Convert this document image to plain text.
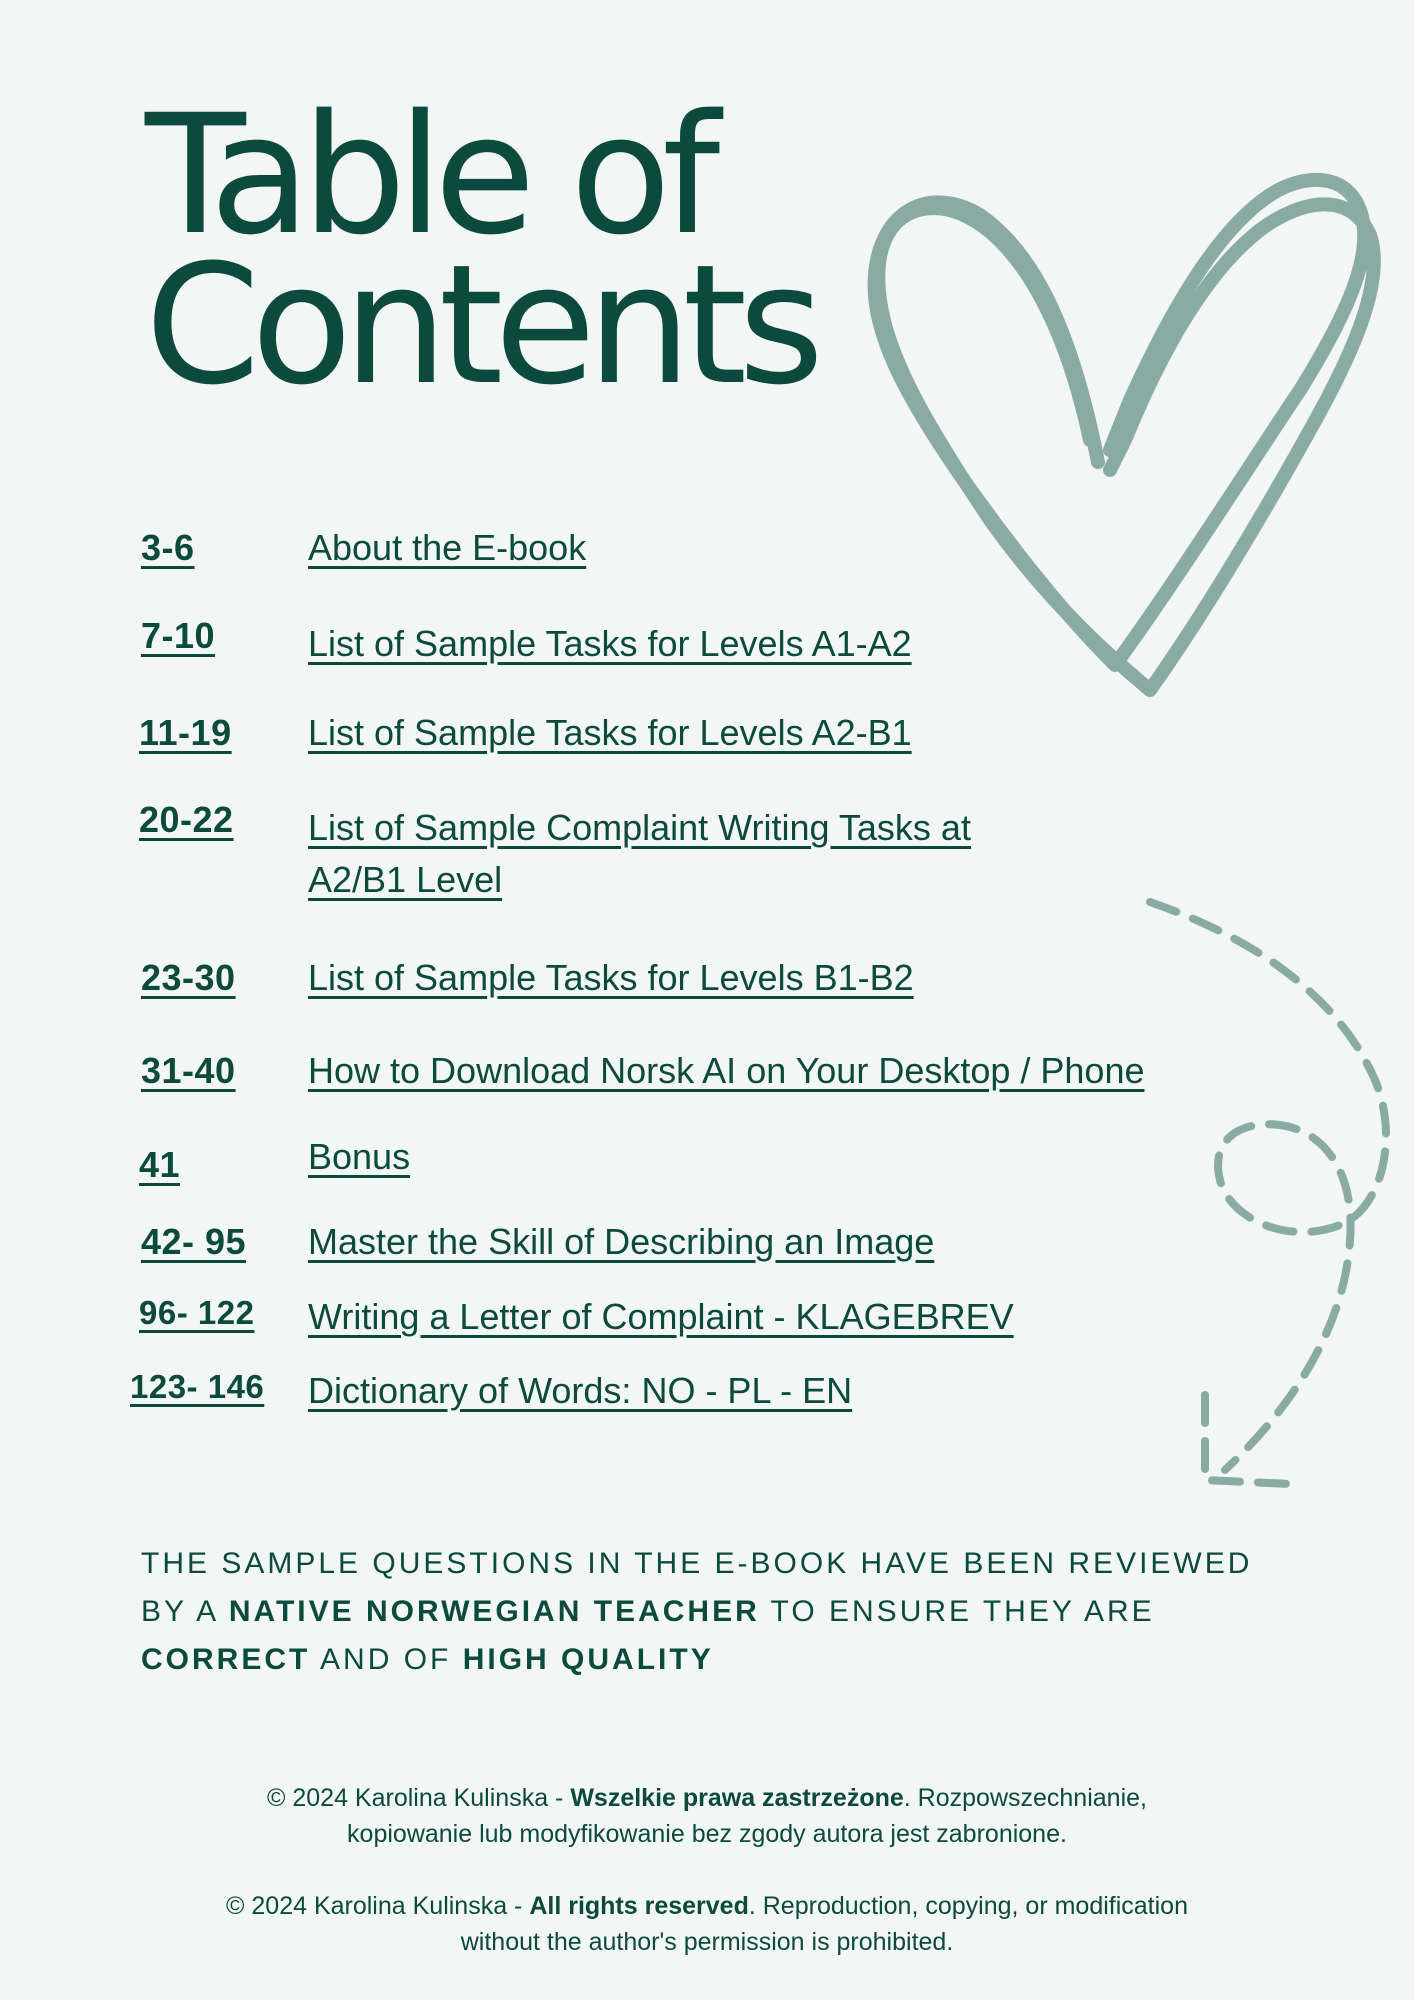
Table of
Contents
3-6	About the E-book
7-10	List of Sample Tasks for Levels A1-A2
11-19 List of Sample Tasks for Levels A2-B1
20-22 List of Sample Complaint Writing Tasks at
A2/B1 Level
23-30 List of Sample Tasks for Levels B1-B2
31-40 How to Download Norsk AI on Your Desktop / Phone
41	Bonus
42- 95 Master the Skill of Describing an Image
96- 122 Writing a Letter of Complaint - KLAGEBREV
123- 146 Dictionary of Words: NO - PL - EN

THE SAMPLE QUESTIONS IN THE E-BOOK HAVE BEEN REVIEWED BY A NATIVE NORWEGIAN TEACHER TO ENSURE THEY ARE CORRECT AND OF HIGH QUALITY

© 2024 Karolina Kulinska - Wszelkie prawa zastrzeżone. Rozpowszechnianie,
kopiowanie lub modyfikowanie bez zgody autora jest zabronione.
© 2024 Karolina Kulinska - All rights reserved. Reproduction, copying, or modification
without the author's permission is prohibited.
